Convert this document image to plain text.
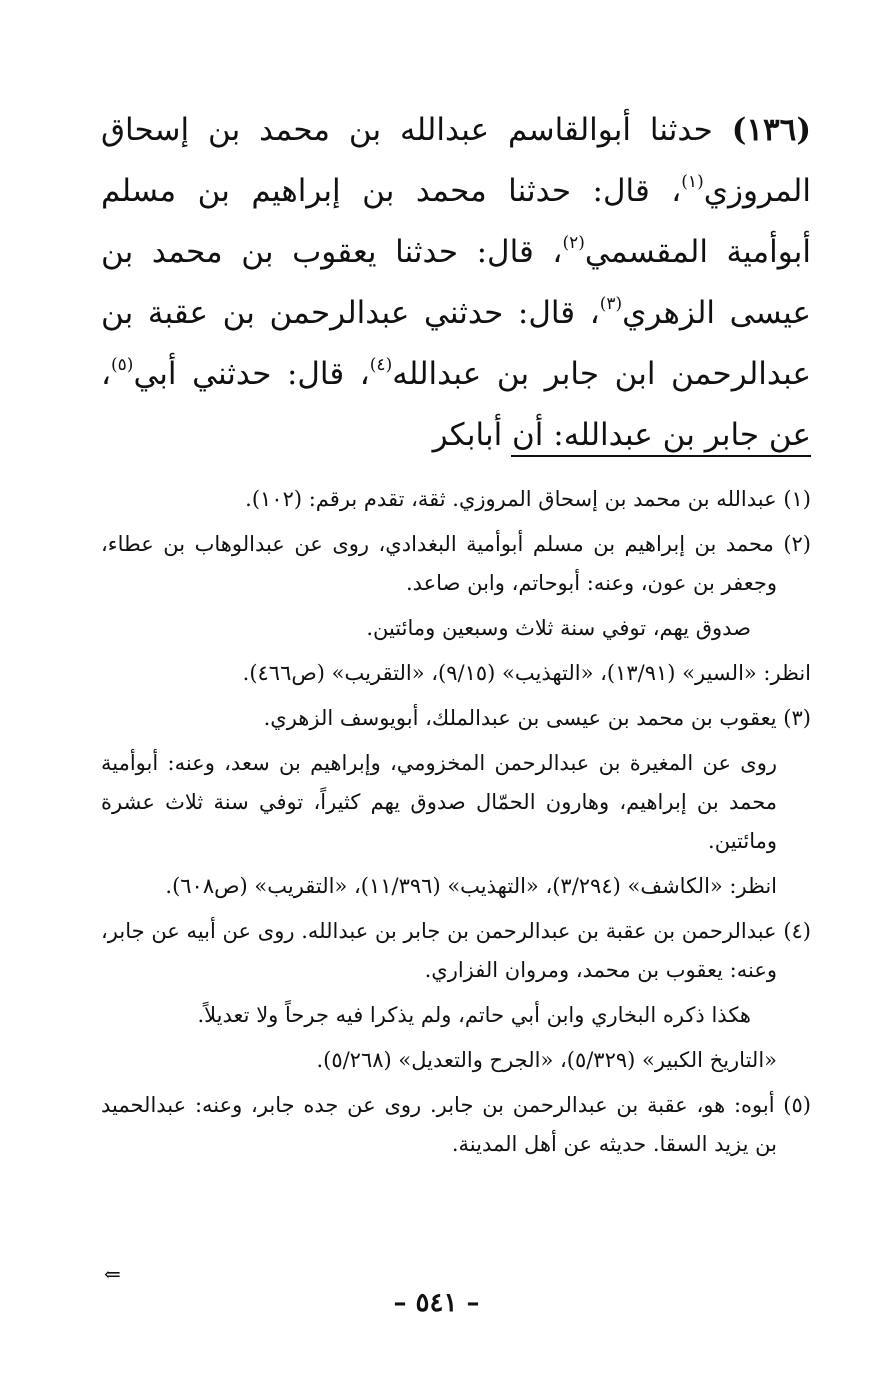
(١٣٦) حدثنا أبوالقاسم عبدالله بن محمد بن إسحاق المروزي$^{(١)}$، قال: حدثنا محمد بن إبراهيم بن مسلم أبوأمية المقسمي$^{(٢)}$، قال: حدثنا يعقوب بن محمد بن عيسى الزهري$^{(٣)}$، قال: حدثني عبدالرحمن بن عقبة بن عبدالرحمن ابن جابر بن عبدالله$^{(٤)}$، قال: حدثني أبي$^{(٥)}$، عن جابر بن عبدالله: أن أبابكر

(١) عبدالله بن محمد بن إسحاق المروزي. ثقة، تقدم برقم: (١٠٢).

(٢) محمد بن إبراهيم بن مسلم أبوأمية البغدادي، روى عن عبدالوهاب بن عطاء، وجعفر بن عون، وعنه: أبوحاتم، وابن صاعد.

صدوق يهم، توفي سنة ثلاث وسبعين ومائتين.

انظر: «السير» (١٣/٩١)، «التهذيب» (٩/١٥)، «التقريب» (ص٤٦٦).

(٣) يعقوب بن محمد بن عيسى بن عبدالملك، أبويوسف الزهري.

روى عن المغيرة بن عبدالرحمن المخزومي، وإبراهيم بن سعد، وعنه: أبوأمية محمد بن إبراهيم، وهارون الحمّال صدوق يهم كثيراً، توفي سنة ثلاث عشرة ومائتين.

انظر: «الكاشف» (٣/٢٩٤)، «التهذيب» (١١/٣٩٦)، «التقريب» (ص٦٠٨).

(٤) عبدالرحمن بن عقبة بن عبدالرحمن بن جابر بن عبدالله. روى عن أبيه عن جابر، وعنه: يعقوب بن محمد، ومروان الفزاري.

هكذا ذكره البخاري وابن أبي حاتم، ولم يذكرا فيه جرحاً ولا تعديلاً.

«التاريخ الكبير» (٥/٣٢٩)، «الجرح والتعديل» (٥/٢٦٨).

(٥) أبوه: هو، عقبة بن عبدالرحمن بن جابر. روى عن جده جابر، وعنه: عبدالحميد بن يزيد السقا. حديثه عن أهل المدينة.

⇐
– ٥٤١ –
